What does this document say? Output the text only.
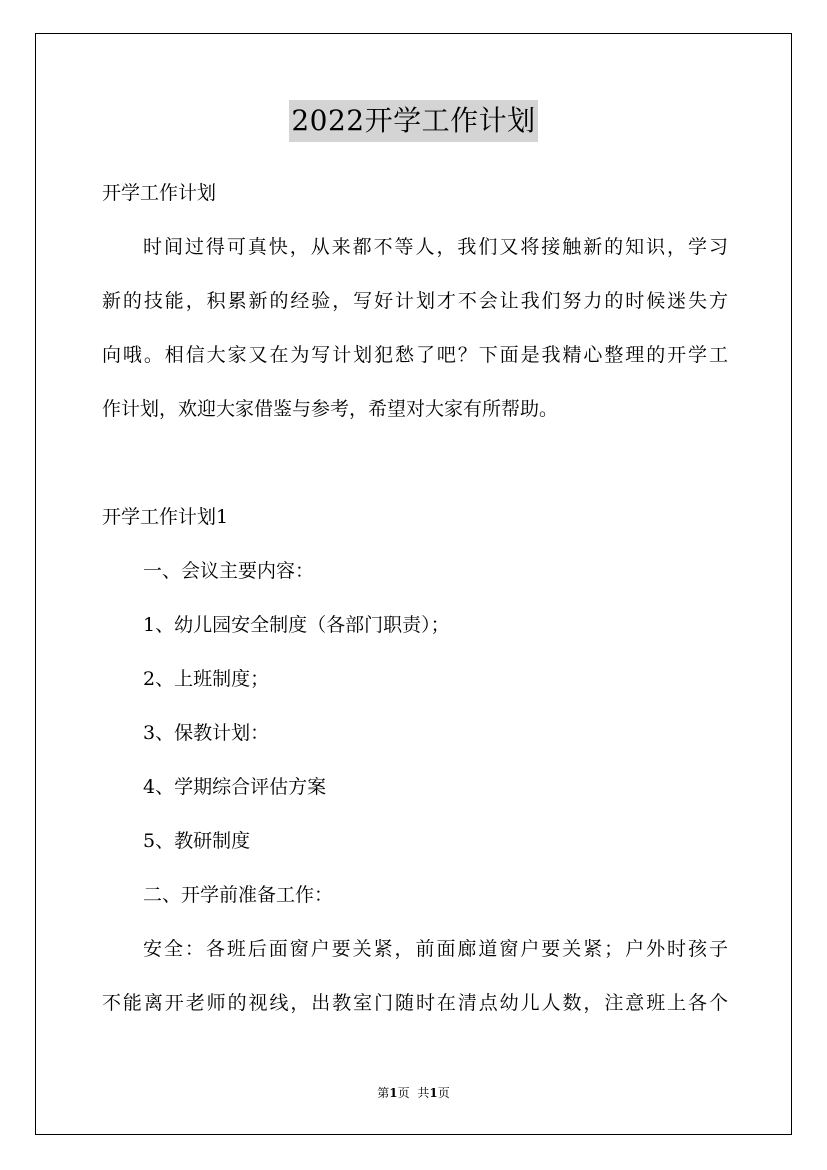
2022开学工作计划
开学工作计划
时间过得可真快，从来都不等人，我们又将接触新的知识，学习
新的技能，积累新的经验，写好计划才不会让我们努力的时候迷失方
向哦。相信大家又在为写计划犯愁了吧？下面是我精心整理的开学工
作计划，欢迎大家借鉴与参考，希望对大家有所帮助。
开学工作计划1
一、会议主要内容：
1、幼儿园安全制度（各部门职责）；
2、上班制度；
3、保教计划：
4、学期综合评估方案
5、教研制度
二、开学前准备工作：
安全：各班后面窗户要关紧，前面廊道窗户要关紧；户外时孩子
不能离开老师的视线，出教室门随时在清点幼儿人数，注意班上各个
第1页 共1页
